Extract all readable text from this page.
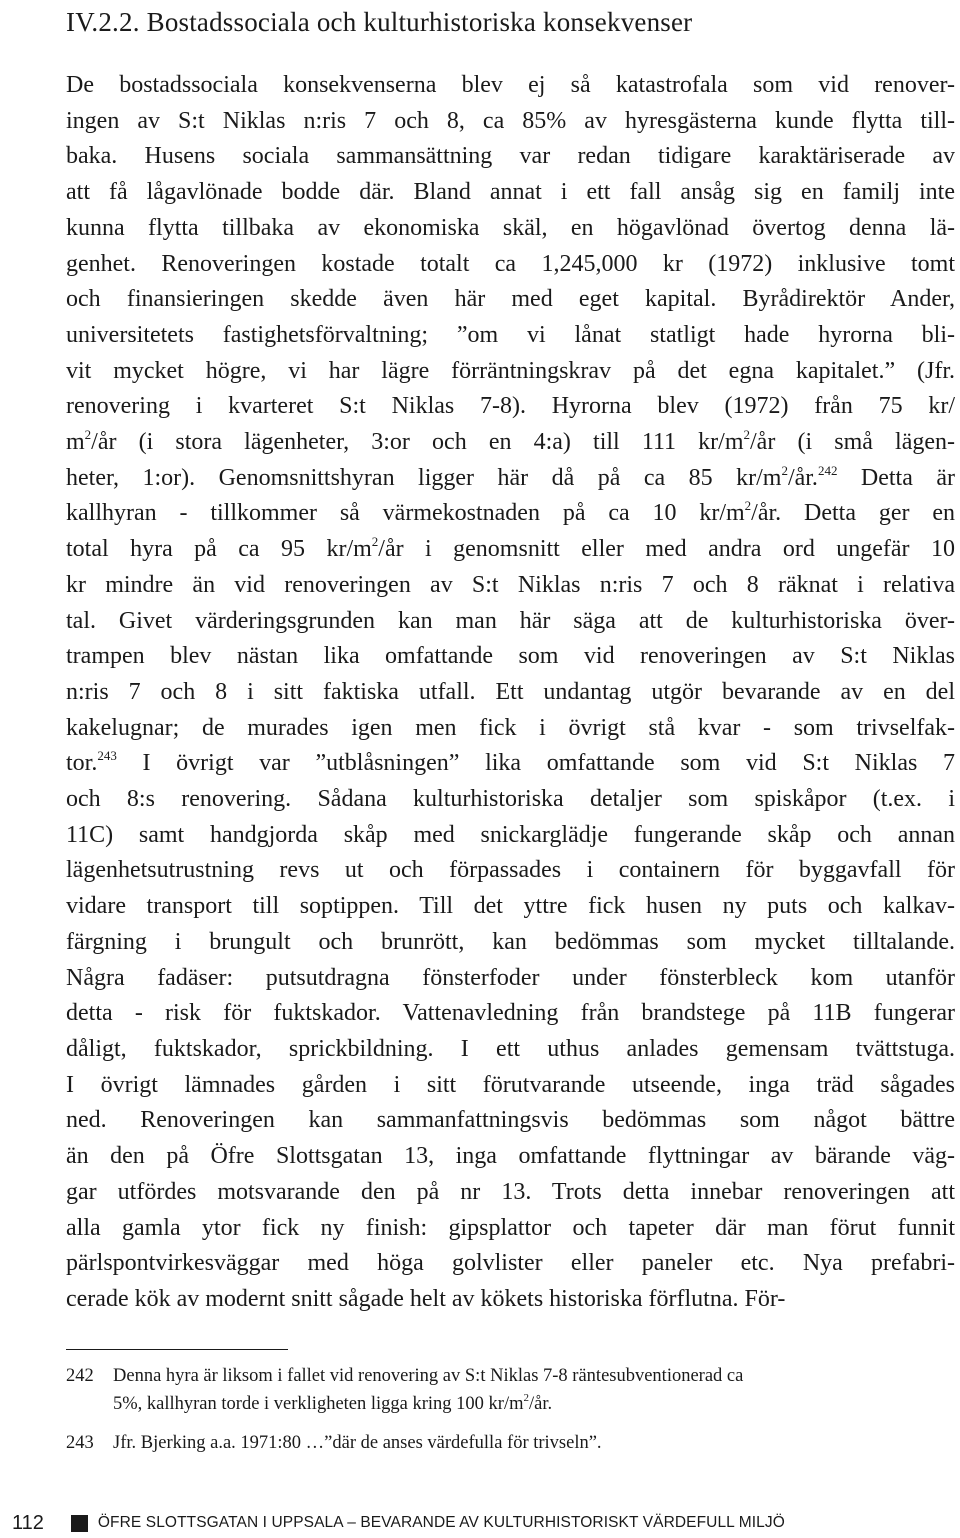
IV.2.2. Bostadssociala och kulturhistoriska konsekvenser
De bostadssociala konsekvenserna blev ej så katastrofala som vid renover-
ingen av S:t Niklas n:ris 7 och 8, ca 85% av hyresgästerna kunde flytta till-
baka. Husens sociala sammansättning var redan tidigare karaktäriserade av
att få lågavlönade bodde där. Bland annat i ett fall ansåg sig en familj inte
kunna flytta tillbaka av ekonomiska skäl, en högavlönad övertog denna lä-
genhet. Renoveringen kostade totalt ca 1,245,000 kr (1972) inklusive tomt
och finansieringen skedde även här med eget kapital. Byrådirektör Ander,
universitetets fastighetsförvaltning; ”om vi lånat statligt hade hyrorna bli-
vit mycket högre, vi har lägre förräntningskrav på det egna kapitalet.” (Jfr.
renovering i kvarteret S:t Niklas 7-8). Hyrorna blev (1972) från 75 kr/
$m^2/år$ (i stora lägenheter, 3:or och en 4:a) till 111 $kr/m^2/år$ (i små lägen-
heter, 1:or). Genomsnittshyran ligger här då på ca 85 $kr/m^2/år.^{242}$ Detta är
kallhyran - tillkommer så värmekostnaden på ca 10 $kr/m^2/år$. Detta ger en
total hyra på ca 95 $kr/m^2/år$ i genomsnitt eller med andra ord ungefär 10
kr mindre än vid renoveringen av S:t Niklas n:ris 7 och 8 räknat i relativa
tal. Givet värderingsgrunden kan man här säga att de kulturhistoriska över-
trampen blev nästan lika omfattande som vid renoveringen av S:t Niklas
n:ris 7 och 8 i sitt faktiska utfall. Ett undantag utgör bevarande av en del
kakelugnar; de murades igen men fick i övrigt stå kvar - som trivselfak-
tor.$^{243}$ I övrigt var ”utblåsningen” lika omfattande som vid S:t Niklas 7
och 8:s renovering. Sådana kulturhistoriska detaljer som spiskåpor (t.ex. i
11C) samt handgjorda skåp med snickarglädje fungerande skåp och annan
lägenhetsutrustning revs ut och förpassades i containern för byggavfall för
vidare transport till soptippen. Till det yttre fick husen ny puts och kalkav-
färgning i brungult och brunrött, kan bedömmas som mycket tilltalande.
Några fadäser: putsutdragna fönsterfoder under fönsterbleck kom utanför
detta - risk för fuktskador. Vattenavledning från brandstege på 11B fungerar
dåligt, fuktskador, sprickbildning. I ett uthus anlades gemensam tvättstuga.
I övrigt lämnades gården i sitt förutvarande utseende, inga träd sågades
ned. Renoveringen kan sammanfattningsvis bedömmas som något bättre
än den på Öfre Slottsgatan 13, inga omfattande flyttningar av bärande väg-
gar utfördes motsvarande den på nr 13. Trots detta innebar renoveringen att
alla gamla ytor fick ny finish: gipsplattor och tapeter där man förut funnit
pärlspontvirkesväggar med höga golvlister eller paneler etc. Nya prefabri-
cerade kök av modernt snitt sågade helt av kökets historiska förflutna. För-
242 Denna hyra är liksom i fallet vid renovering av S:t Niklas 7-8 räntesubventionerad ca
5%, kallhyran torde i verkligheten ligga kring 100 $kr/m^2/år$.
243 Jfr. Bjerking a.a. 1971:80 …”där de anses värdefulla för trivseln”.
112	ÖFRE SLOTTSGATAN I UPPSALA – BEVARANDE AV KULTURHISTORISKT VÄRDEFULL MILJÖ
